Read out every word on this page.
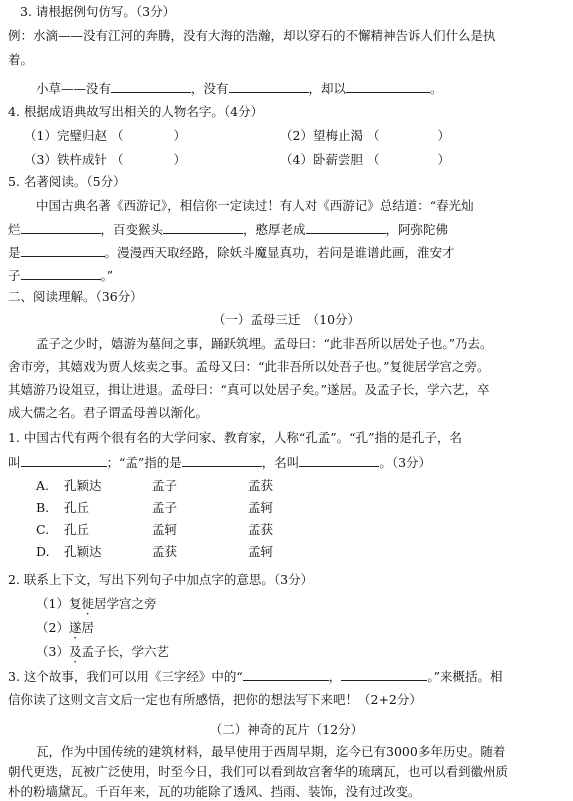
3. 请根据例句仿写。（3分）
例：水滴——没有江河的奔腾，没有大海的浩瀚，却以穿石的不懈精神告诉人们什么是执
着。
小草——没有	，没有	，却以	。
4. 根据成语典故写出相关的人物名字。（4分）
（1）完璧归赵 （	）	（2）望梅止渴 （	）
（3）铁杵成针 （	）	（4）卧薪尝胆 （	）
5. 名著阅读。（5分）
中国古典名著《西游记》，相信你一定读过！有人对《西游记》总结道：“春光灿
烂	，百变猴头	，憨厚老成	，阿弥陀佛
是	。漫漫西天取经路，除妖斗魔显真功，若问是谁谱此画，淮安才
子	。”
二、阅读理解。（36分）
（一）孟母三迁　（10分）
孟子之少时，嬉游为墓间之事，踊跃筑埋。孟母曰：“此非吾所以居处子也。”乃去。
舍市旁，其嬉戏为贾人炫卖之事。孟母又曰：“此非吾所以处吾子也。”复徙居学宫之旁。
其嬉游乃设俎豆，揖让进退。孟母曰：“真可以处居子矣。”遂居。及孟子长，学六艺，卒
成大儒之名。君子谓孟母善以渐化。
1. 中国古代有两个很有名的大学问家、教育家，人称“孔孟”。“孔”指的是孔子，名
叫	；“孟”指的是	，名叫	。（3分）
A. 孔颖达	孟子	孟获
B. 孔丘	孟子	孟轲
C. 孔丘	孟轲	孟获
D. 孔颖达	孟获	孟轲
2. 联系上下文，写出下列句子中加点字的意思。（3分）
（1）复徙居学宫之旁
（2）遂居
（3）及孟子长，学六艺
3. 这个故事，我们可以用《三字经》中的“	，	。”来概括。相
信你读了这则文言文后一定也有所感悟，把你的想法写下来吧！（2+2分）
（二）神奇的瓦片（12分）
瓦，作为中国传统的建筑材料，最早使用于西周早期，迄今已有3000多年历史。随着
朝代更迭，瓦被广泛使用，时至今日，我们可以看到故宫奢华的琉璃瓦，也可以看到徽州质
朴的粉墙黛瓦。千百年来，瓦的功能除了透风、挡雨、装饰，没有过改变。
